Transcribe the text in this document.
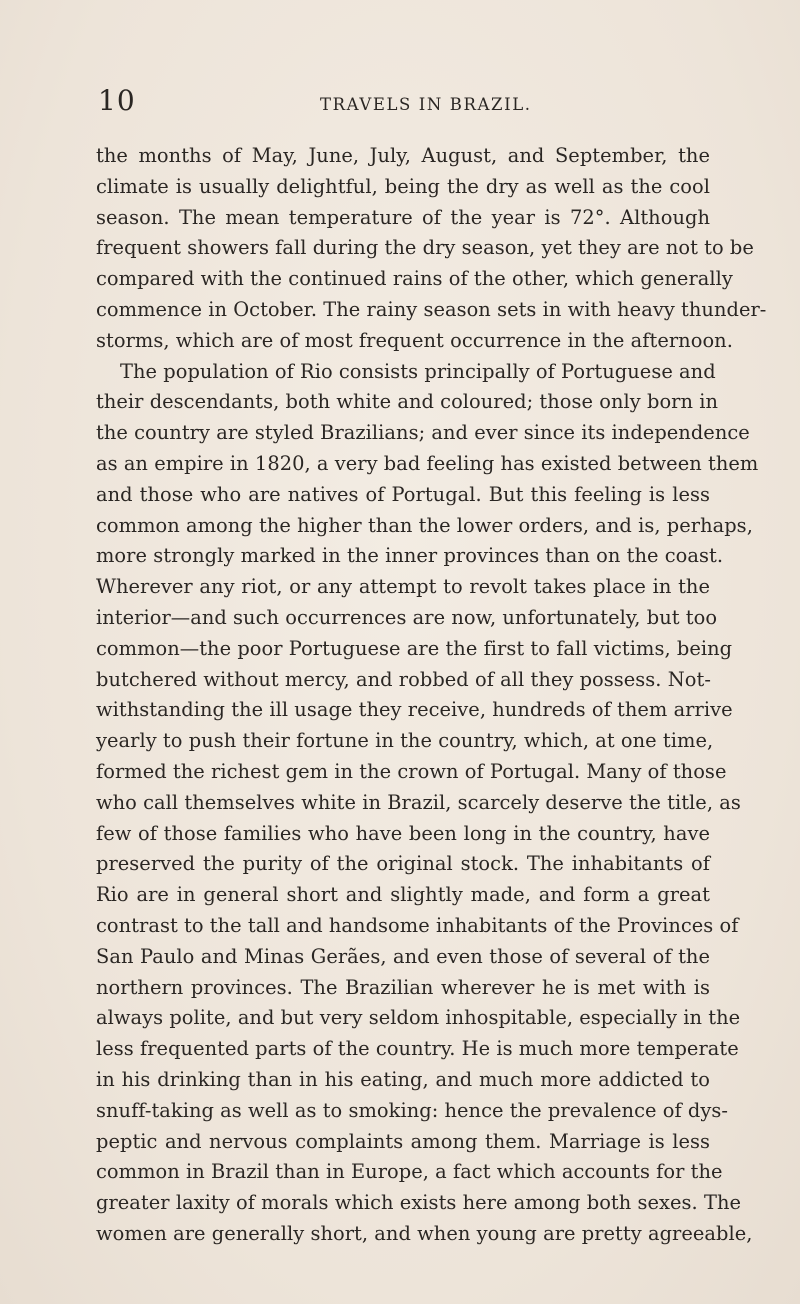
10	TRAVELS IN BRAZIL.
the months of May, June, July, August, and September, the
climate is usually delightful, being the dry as well as the cool
season. The mean temperature of the year is 72°. Although
frequent showers fall during the dry season, yet they are not to be
compared with the continued rains of the other, which generally
commence in October. The rainy season sets in with heavy thunder-
storms, which are of most frequent occurrence in the afternoon.
The population of Rio consists principally of Portuguese and
their descendants, both white and coloured; those only born in
the country are styled Brazilians; and ever since its independence
as an empire in 1820, a very bad feeling has existed between them
and those who are natives of Portugal. But this feeling is less
common among the higher than the lower orders, and is, perhaps,
more strongly marked in the inner provinces than on the coast.
Wherever any riot, or any attempt to revolt takes place in the
interior—and such occurrences are now, unfortunately, but too
common—the poor Portuguese are the first to fall victims, being
butchered without mercy, and robbed of all they possess. Not-
withstanding the ill usage they receive, hundreds of them arrive
yearly to push their fortune in the country, which, at one time,
formed the richest gem in the crown of Portugal. Many of those
who call themselves white in Brazil, scarcely deserve the title, as
few of those families who have been long in the country, have
preserved the purity of the original stock. The inhabitants of
Rio are in general short and slightly made, and form a great
contrast to the tall and handsome inhabitants of the Provinces of
San Paulo and Minas Gerães, and even those of several of the
northern provinces. The Brazilian wherever he is met with is
always polite, and but very seldom inhospitable, especially in the
less frequented parts of the country. He is much more temperate
in his drinking than in his eating, and much more addicted to
snuff-taking as well as to smoking: hence the prevalence of dys-
peptic and nervous complaints among them. Marriage is less
common in Brazil than in Europe, a fact which accounts for the
greater laxity of morals which exists here among both sexes. The
women are generally short, and when young are pretty agreeable,
